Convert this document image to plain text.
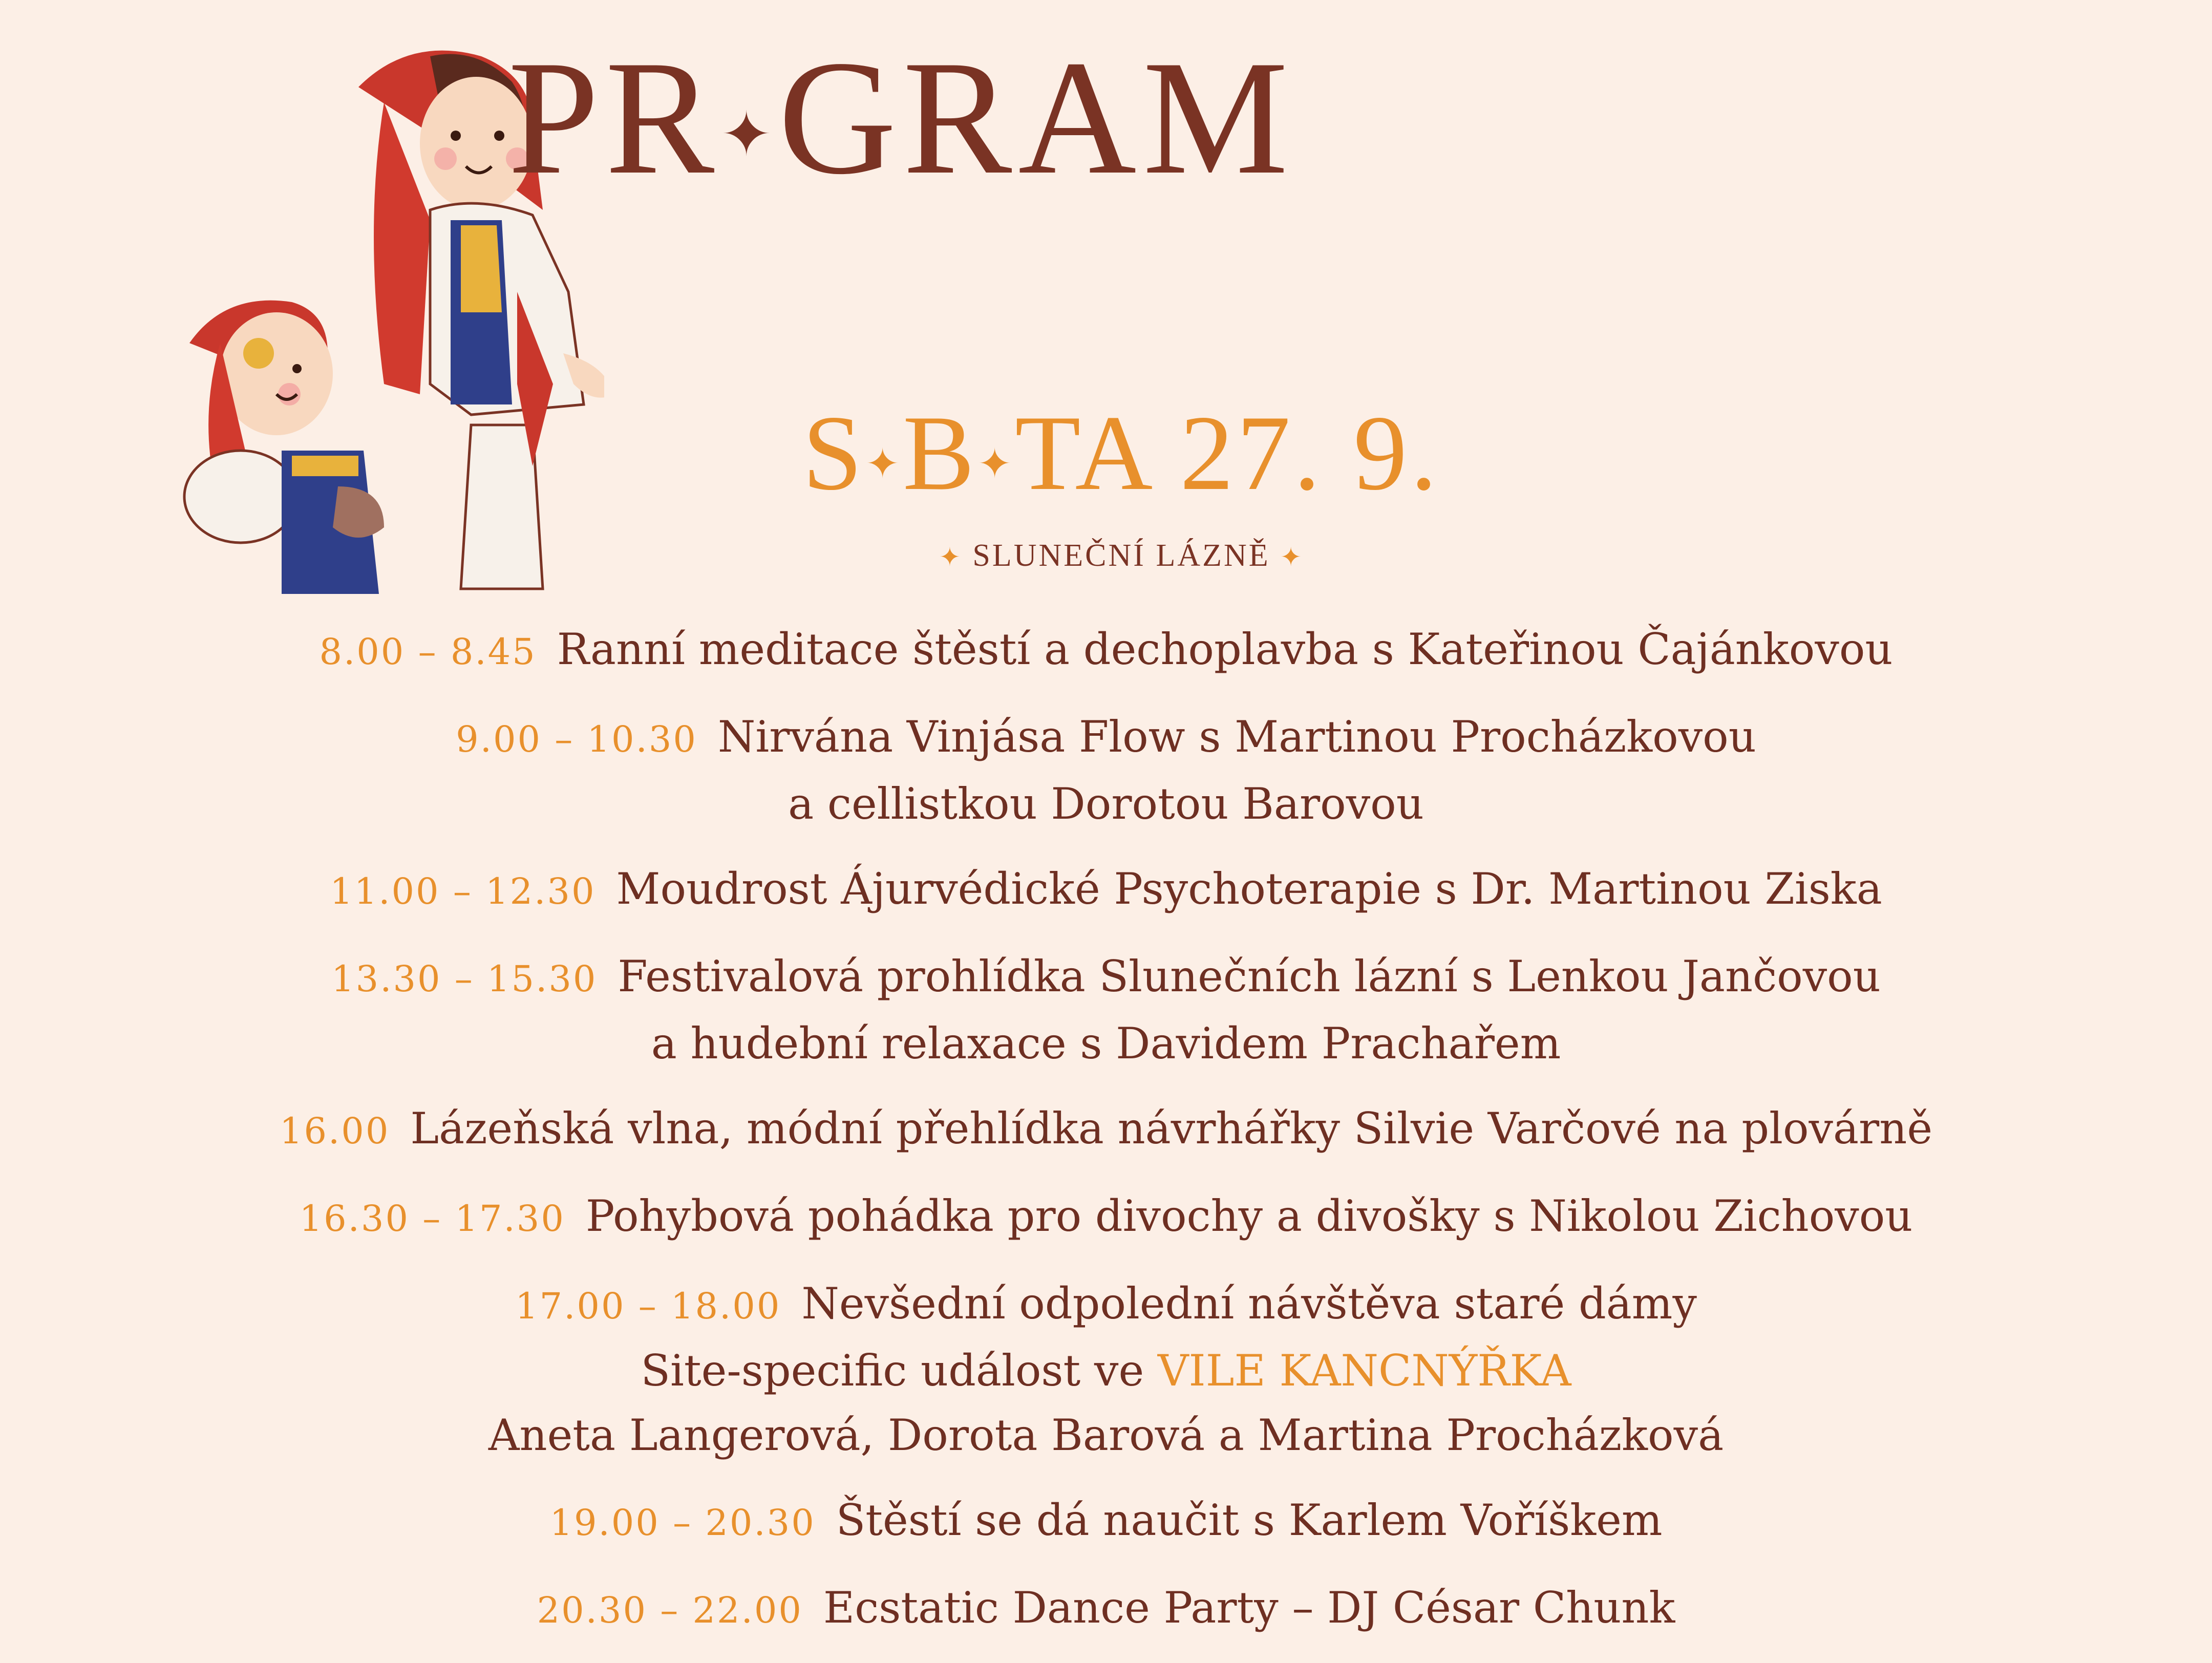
PR✦GRAM
S✦B✦TA 27. 9.
✦ SLUNEČNÍ LÁZNĚ ✦
8.00 – 8.45 Ranní meditace štěstí a dechoplavba s Kateřinou Čajánkovou
9.00 – 10.30 Nirvána Vinjása Flow s Martinou Procházkovou
a cellistkou Dorotou Barovou
11.00 – 12.30 Moudrost Ájurvédické Psychoterapie s Dr. Martinou Ziska
13.30 – 15.30 Festivalová prohlídka Slunečních lázní s Lenkou Jančovou
a hudební relaxace s Davidem Prachařem
16.00 Lázeňská vlna, módní přehlídka návrhářky Silvie Varčové na plovárně
16.30 – 17.30 Pohybová pohádka pro divochy a divošky s Nikolou Zichovou
17.00 – 18.00 Nevšední odpolední návštěva staré dámy
Site-specific událost ve VILE KANCNÝŘKA
Aneta Langerová, Dorota Barová a Martina Procházková
19.00 – 20.30 Štěstí se dá naučit s Karlem Voříškem
20.30 – 22.00 Ecstatic Dance Party – DJ César Chunk
